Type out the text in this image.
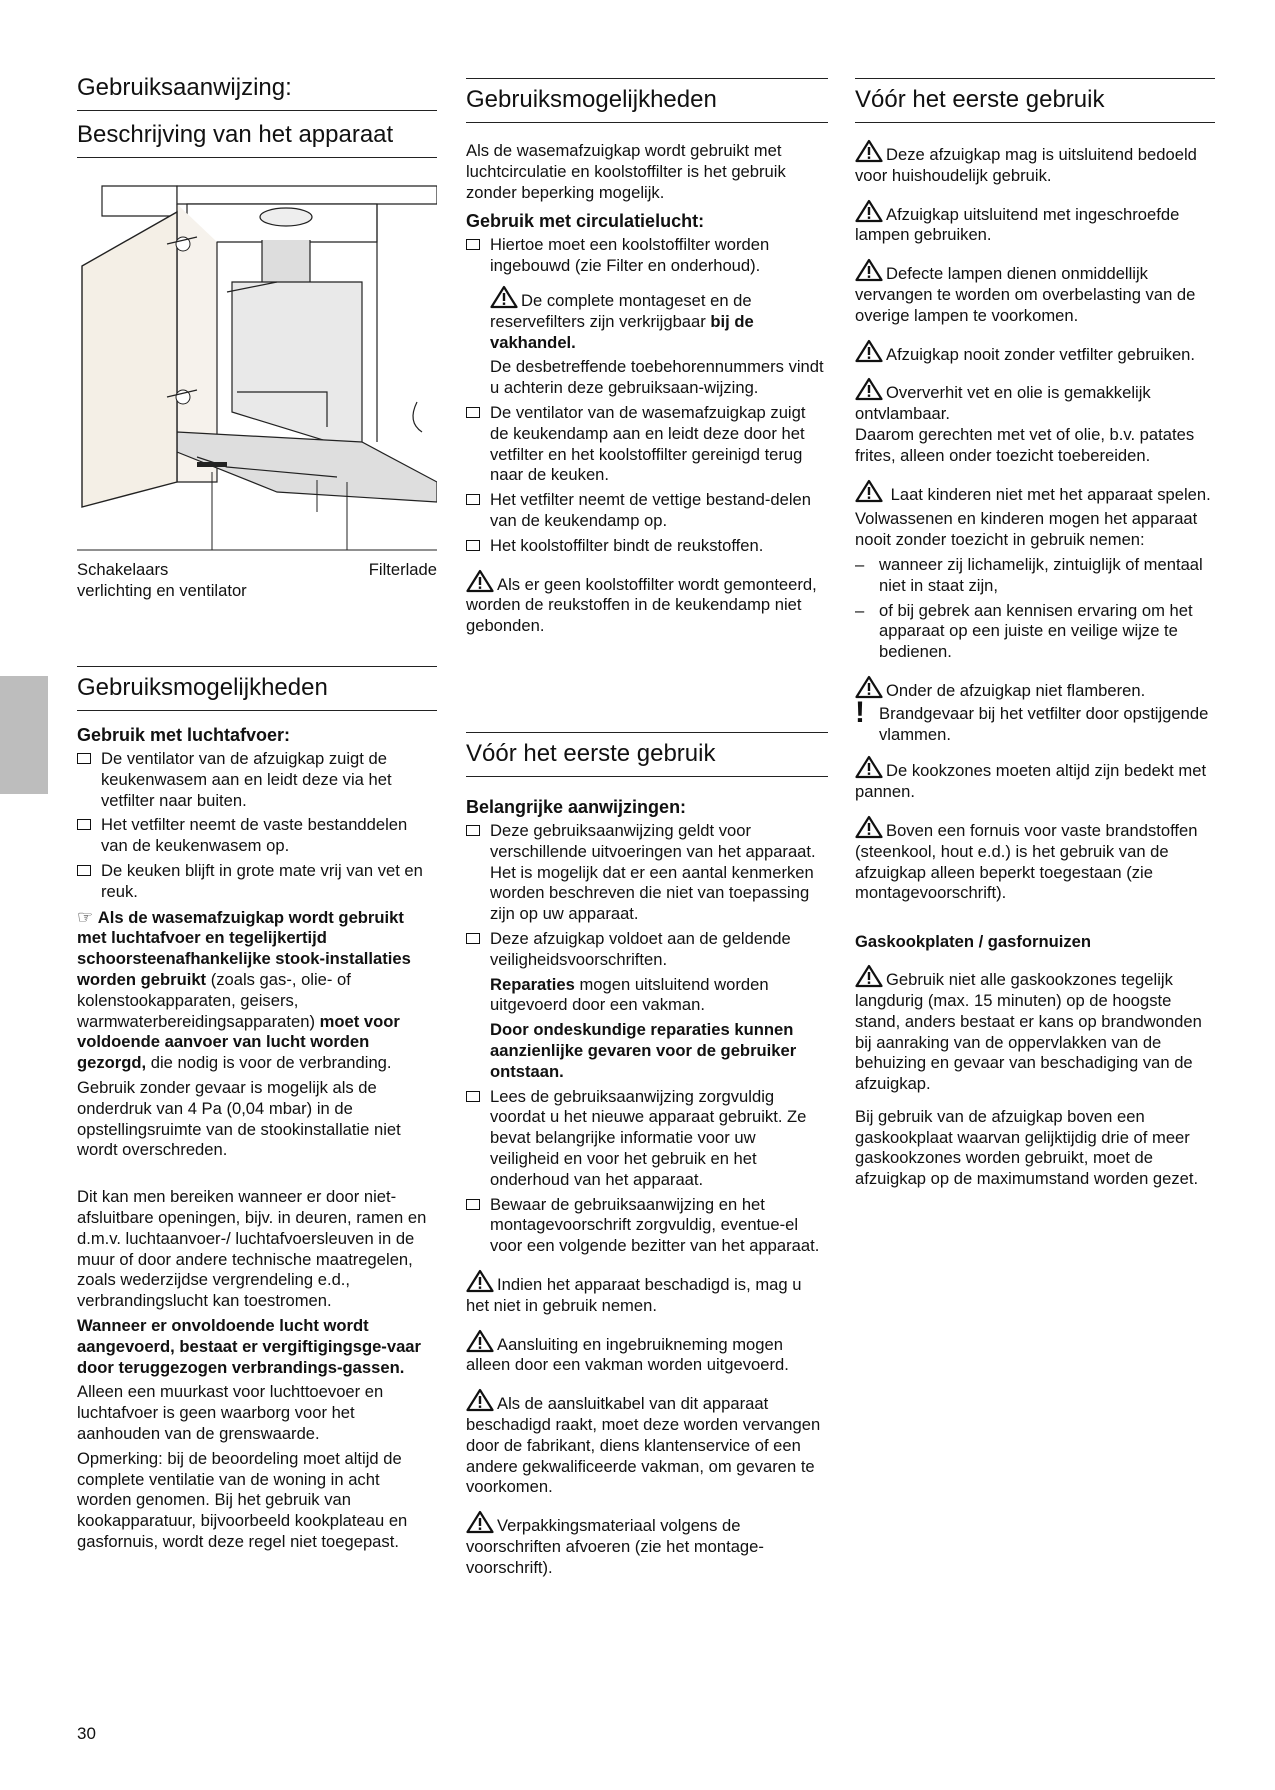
Gebruiksaanwijzing:
Beschrijving van het apparaat
Schakelaars	Filterlade
verlichting en ventilator
Gebruiksmogelijkheden
Gebruik met luchtafvoer:
De ventilator van de afzuigkap zuigt de keukenwasem aan en leidt deze via het vetfilter naar buiten.
Het vetfilter neemt de vaste bestanddelen van de keukenwasem op.
De keuken blijft in grote mate vrij van vet en reuk.

☞ Als de wasemafzuigkap wordt gebruikt met luchtafvoer en tegelijkertijd schoorsteenafhankelijke stook-installaties worden gebruikt (zoals gas-, olie- of kolenstookapparaten, geisers, warmwaterbereidingsapparaten) moet voor voldoende aanvoer van lucht worden gezorgd, die nodig is voor de verbranding.

Gebruik zonder gevaar is mogelijk als de onderdruk van 4 Pa (0,04 mbar) in de opstellingsruimte van de stookinstallatie niet wordt overschreden.

Dit kan men bereiken wanneer er door niet-afsluitbare openingen, bijv. in deuren, ramen en d.m.v. luchtaanvoer-/ luchtafvoersleuven in de muur of door andere technische maatregelen, zoals wederzijdse vergrendeling e.d., verbrandingslucht kan toestromen.

Wanneer er onvoldoende lucht wordt aangevoerd, bestaat er vergiftigingsge-vaar door teruggezogen verbrandings-gassen.

Alleen een muurkast voor luchttoevoer en luchtafvoer is geen waarborg voor het aanhouden van de grenswaarde.

Opmerking: bij de beoordeling moet altijd de complete ventilatie van de woning in acht worden genomen. Bij het gebruik van kookapparatuur, bijvoorbeeld kookplateau en gasfornuis, wordt deze regel niet toegepast.

Gebruiksmogelijkheden

Als de wasemafzuigkap wordt gebruikt met luchtcirculatie en koolstoffilter is het gebruik zonder beperking mogelijk.

Gebruik met circulatielucht:
Hiertoe moet een koolstoffilter worden ingebouwd (zie Filter en onderhoud).

De complete montageset en de reservefilters zijn verkrijgbaar bij de vakhandel.

De desbetreffende toebehorennummers vindt u achterin deze gebruiksaan-wijzing.

De ventilator van de wasemafzuigkap zuigt de keukendamp aan en leidt deze door het vetfilter en het koolstoffilter gereinigd terug naar de keuken.
Het vetfilter neemt de vettige bestand-delen van de keukendamp op.
Het koolstoffilter bindt de reukstoffen.

Als er geen koolstoffilter wordt gemonteerd, worden de reukstoffen in de keukendamp niet gebonden.

Vóór het eerste gebruik
Belangrijke aanwijzingen:
Deze gebruiksaanwijzing geldt voor verschillende uitvoeringen van het apparaat. Het is mogelijk dat er een aantal kenmerken worden beschreven die niet van toepassing zijn op uw apparaat.
Deze afzuigkap voldoet aan de geldende veiligheidsvoorschriften.

Reparaties mogen uitsluitend worden uitgevoerd door een vakman.

Door ondeskundige reparaties kunnen aanzienlijke gevaren voor de gebruiker ontstaan.

Lees de gebruiksaanwijzing zorgvuldig voordat u het nieuwe apparaat gebruikt. Ze bevat belangrijke informatie voor uw veiligheid en voor het gebruik en het onderhoud van het apparaat.
Bewaar de gebruiksaanwijzing en het montagevoorschrift zorgvuldig, eventue-el voor een volgende bezitter van het apparaat.

Indien het apparaat beschadigd is, mag u het niet in gebruik nemen.

Aansluiting en ingebruikneming mogen alleen door een vakman worden uitgevoerd.

Als de aansluitkabel van dit apparaat beschadigd raakt, moet deze worden vervangen door de fabrikant, diens klantenservice of een andere gekwalificeerde vakman, om gevaren te voorkomen.

Verpakkingsmateriaal volgens de voorschriften afvoeren (zie het montage-voorschrift).

Vóór het eerste gebruik

Deze afzuigkap mag is uitsluitend bedoeld voor huishoudelijk gebruik.

Afzuigkap uitsluitend met ingeschroefde lampen gebruiken.

Defecte lampen dienen onmiddellijk vervangen te worden om overbelasting van de overige lampen te voorkomen.

Afzuigkap nooit zonder vetfilter gebruiken.

Oververhit vet en olie is gemakkelijk ontvlambaar.

Daarom gerechten met vet of olie, b.v. patates frites, alleen onder toezicht toebereiden.

Laat kinderen niet met het apparaat spelen.

Volwassenen en kinderen mogen het apparaat nooit zonder toezicht in gebruik nemen:

– wanneer zij lichamelijk, zintuiglijk of mentaal niet in staat zijn,
– of bij gebrek aan kennisen ervaring om het apparaat op een juiste en veilige wijze te bedienen.

Onder de afzuigkap niet flamberen.

! Brandgevaar bij het vetfilter door opstijgende vlammen.

De kookzones moeten altijd zijn bedekt met pannen.

Boven een fornuis voor vaste brandstoffen (steenkool, hout e.d.) is het gebruik van de afzuigkap alleen beperkt toegestaan (zie montagevoorschrift).

Gaskookplaten / gasfornuizen

Gebruik niet alle gaskookzones tegelijk langdurig (max. 15 minuten) op de hoogste stand, anders bestaat er kans op brandwonden bij aanraking van de oppervlakken van de behuizing en gevaar van beschadiging van de afzuigkap.

Bij gebruik van de afzuigkap boven een gaskookplaat waarvan gelijktijdig drie of meer gaskookzones worden gebruikt, moet de afzuigkap op de maximumstand worden gezet.

30
